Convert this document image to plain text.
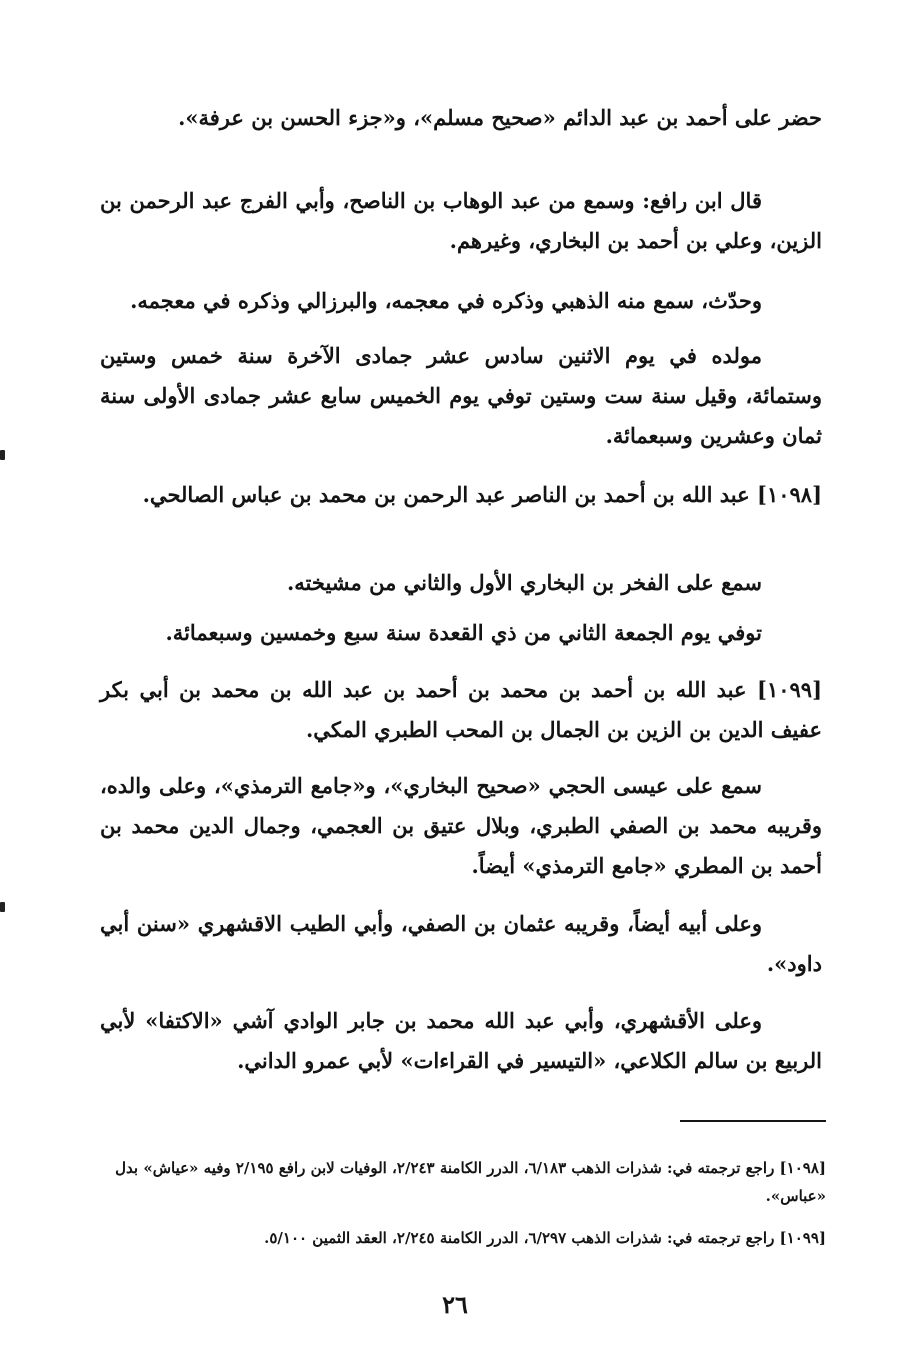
حضر على أحمد بن عبد الدائم «صحيح مسلم»، و«جزء الحسن بن عرفة».

قال ابن رافع: وسمع من عبد الوهاب بن الناصح، وأبي الفرج عبد الرحمن بن الزين، وعلي بن أحمد بن البخاري، وغيرهم.

وحدّث، سمع منه الذهبي وذكره في معجمه، والبرزالي وذكره في معجمه.

مولده في يوم الاثنين سادس عشر جمادى الآخرة سنة خمس وستين وستمائة، وقيل سنة ست وستين توفي يوم الخميس سابع عشر جمادى الأولى سنة ثمان وعشرين وسبعمائة.

[١٠٩٨] عبد الله بن أحمد بن الناصر عبد الرحمن بن محمد بن عباس الصالحي.

سمع على الفخر بن البخاري الأول والثاني من مشيخته.

توفي يوم الجمعة الثاني من ذي القعدة سنة سبع وخمسين وسبعمائة.

[١٠٩٩] عبد الله بن أحمد بن محمد بن أحمد بن عبد الله بن محمد بن أبي بكر عفيف الدين بن الزين بن الجمال بن المحب الطبري المكي.

سمع على عيسى الحجي «صحيح البخاري»، و«جامع الترمذي»، وعلى والده، وقريبه محمد بن الصفي الطبري، وبلال عتيق بن العجمي، وجمال الدين محمد بن أحمد بن المطري «جامع الترمذي» أيضاً.

وعلى أبيه أيضاً، وقريبه عثمان بن الصفي، وأبي الطيب الاقشهري «سنن أبي داود».

وعلى الأقشهري، وأبي عبد الله محمد بن جابر الوادي آشي «الاكتفا» لأبي الربيع بن سالم الكلاعي، «التيسير في القراءات» لأبي عمرو الداني.

[١٠٩٨] راجع ترجمته في: شذرات الذهب ٦/١٨٣، الدرر الكامنة ٢/٢٤٣، الوفيات لابن رافع ٢/١٩٥ وفيه «عياش» بدل «عباس».

[١٠٩٩] راجع ترجمته في: شذرات الذهب ٦/٢٩٧، الدرر الكامنة ٢/٢٤٥، العقد الثمين ٥/١٠٠.

٢٦
